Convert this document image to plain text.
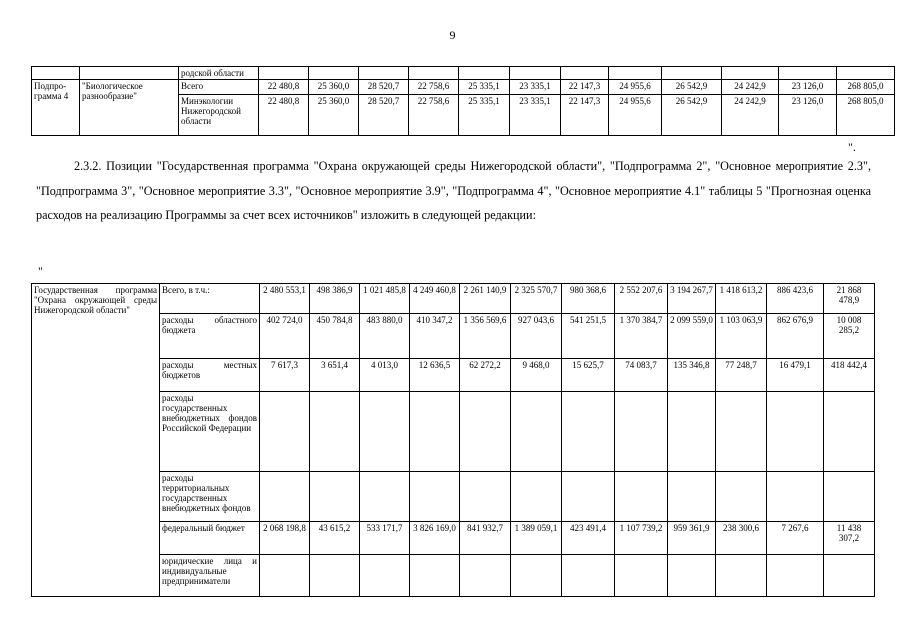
9
		родской области												
Подпро-грамма 4	"Биологическое разнообразие"	Всего	22 480,8	25 360,0	28 520,7	22 758,6	25 335,1	23 335,1	22 147,3	24 955,6	26 542,9	24 242,9	23 126,0	268 805,0
		Минэкологии Нижегородской области	22 480,8	25 360,0	28 520,7	22 758,6	25 335,1	23 335,1	22 147,3	24 955,6	26 542,9	24 242,9	23 126,0	268 805,0
".
2.3.2. Позиции "Государственная программа "Охрана окружающей среды Нижегородской области", "Подпрограмма 2", "Основное мероприятие 2.3", "Подпрограмма 3", "Основное мероприятие 3.3", "Основное мероприятие 3.9", "Подпрограмма 4", "Основное мероприятие 4.1" таблицы 5 "Прогнозная оценка расходов на реализацию Программы за счет всех источников" изложить в следующей редакции:
"
Государственная программа "Охрана окружающей среды Нижегородской области"	Всего, в т.ч.:	2 480 553,1	498 386,9	1 021 485,8	4 249 460,8	2 261 140,9	2 325 570,7	980 368,6	2 552 207,6	3 194 267,7	1 418 613,2	886 423,6	21 868 478,9
	расходы областного бюджета	402 724,0	450 784,8	483 880,0	410 347,2	1 356 569,6	927 043,6	541 251,5	1 370 384,7	2 099 559,0	1 103 063,9	862 676,9	10 008 285,2
	расходы местных бюджетов	7 617,3	3 651,4	4 013,0	12 636,5	62 272,2	9 468,0	15 625,7	74 083,7	135 346,8	77 248,7	16 479,1	418 442,4
	расходы государственных внебюджетных фондов Российской Федерации												
	расходы территориальных государственных внебюджетных фондов												
	федеральный бюджет	2 068 198,8	43 615,2	533 171,7	3 826 169,0	841 932,7	1 389 059,1	423 491,4	1 107 739,2	959 361,9	238 300,6	7 267,6	11 438 307,2
	юридические лица и индивидуальные предприниматели												
